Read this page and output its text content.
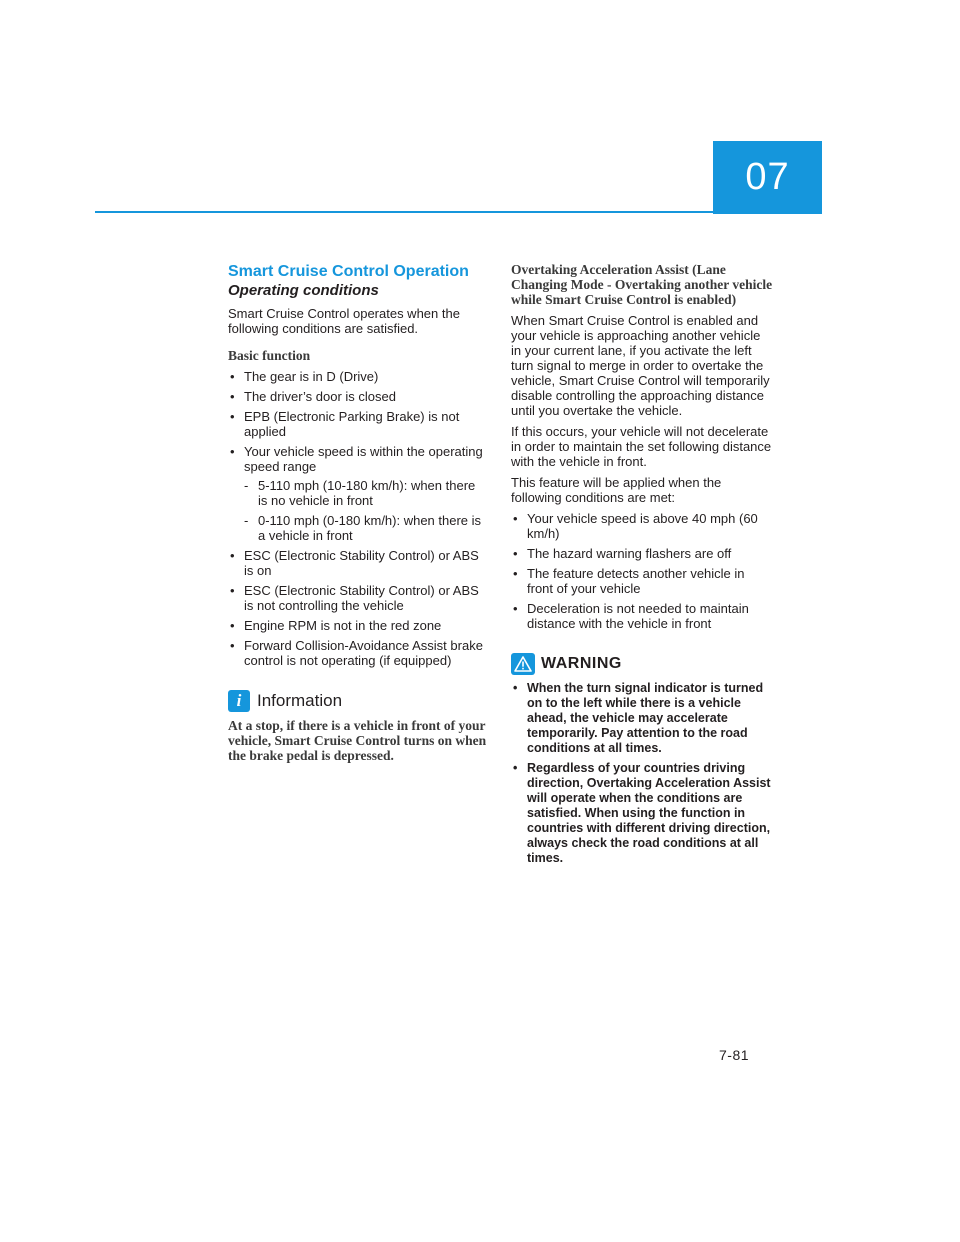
07
Smart Cruise Control Operation
Operating conditions

Smart Cruise Control operates when the following conditions are satisfied.

Basic function
• The gear is in D (Drive)
• The driver’s door is closed
• EPB (Electronic Parking Brake) is not applied
• Your vehicle speed is within the operating speed range
- 5-110 mph (10-180 km/h): when there is no vehicle in front
- 0-110 mph (0-180 km/h): when there is a vehicle in front
• ESC (Electronic Stability Control) or ABS is on
• ESC (Electronic Stability Control) or ABS is not controlling the vehicle
• Engine RPM is not in the red zone
• Forward Collision-Avoidance Assist brake control is not operating (if equipped)
i Information

At a stop, if there is a vehicle in front of your vehicle, Smart Cruise Control turns on when the brake pedal is depressed.

Overtaking Acceleration Assist (Lane Changing Mode - Overtaking another vehicle while Smart Cruise Control is enabled)

When Smart Cruise Control is enabled and your vehicle is approaching another vehicle in your current lane, if you activate the left turn signal to merge in order to overtake the vehicle, Smart Cruise Control will temporarily disable controlling the approaching distance until you overtake the vehicle.

If this occurs, your vehicle will not decelerate in order to maintain the set following distance with the vehicle in front.

This feature will be applied when the following conditions are met:

• Your vehicle speed is above 40 mph (60 km/h)
• The hazard warning flashers are off
• The feature detects another vehicle in front of your vehicle
• Deceleration is not needed to maintain distance with the vehicle in front
WARNING
• When the turn signal indicator is turned on to the left while there is a vehicle ahead, the vehicle may accelerate temporarily. Pay attention to the road conditions at all times.
• Regardless of your countries driving direction, Overtaking Acceleration Assist will operate when the conditions are satisfied. When using the function in countries with different driving direction, always check the road conditions at all times.
7-81
